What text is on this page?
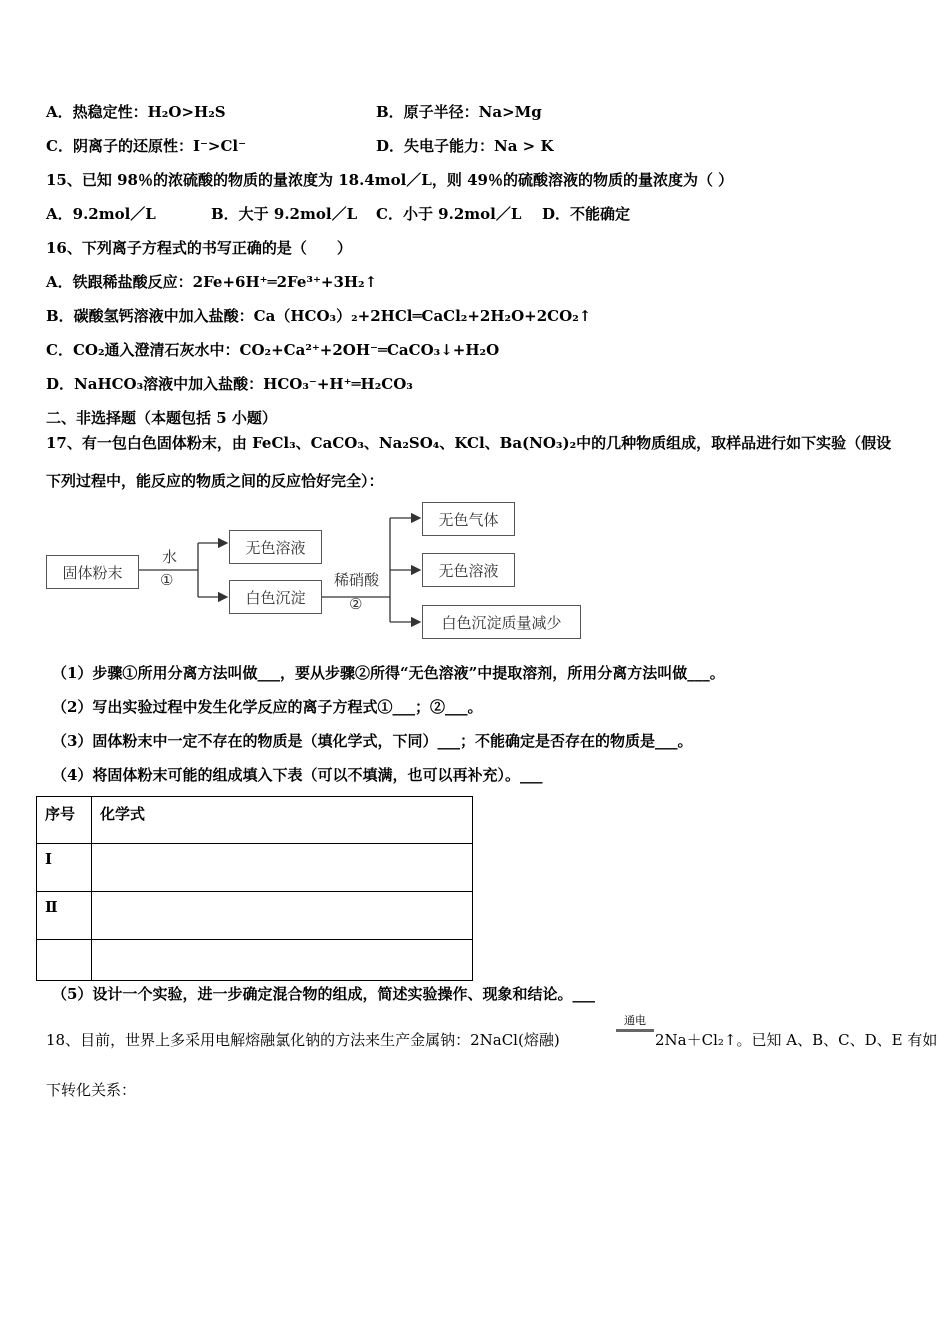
A．热稳定性：H₂O>H₂S	B．原子半径：Na>Mg
C．阴离子的还原性：I⁻>Cl⁻	D．失电子能力：Na > K
15、已知 98％的浓硫酸的物质的量浓度为 18.4mol／L，则 49％的硫酸溶液的物质的量浓度为（ ）
A．9.2mol／L	B．大于 9.2mol／L C．小于 9.2mol／L D．不能确定
16、下列离子方程式的书写正确的是（　　）
A．铁跟稀盐酸反应：2Fe+6H⁺═2Fe³⁺+3H₂↑
B．碳酸氢钙溶液中加入盐酸：Ca（HCO₃）₂+2HCl═CaCl₂+2H₂O+2CO₂↑
C．CO₂通入澄清石灰水中：CO₂+Ca²⁺+2OH⁻═CaCO₃↓+H₂O
D．NaHCO₃溶液中加入盐酸：HCO₃⁻+H⁺═H₂CO₃
二、非选择题（本题包括 5 小题）
17、有一包白色固体粉末，由 FeCl₃、CaCO₃、Na₂SO₄、KCl、Ba(NO₃)₂中的几种物质组成，取样品进行如下实验（假设
下列过程中，能反应的物质之间的反应恰好完全）：
固体粉末
水
①
无色溶液
白色沉淀
稀硝酸
②
无色气体
无色溶液
白色沉淀质量减少
（1）步骤①所用分离方法叫做___，要从步骤②所得“无色溶液”中提取溶剂，所用分离方法叫做___。
（2）写出实验过程中发生化学反应的离子方程式①___；②___。
（3）固体粉末中一定不存在的物质是（填化学式，下同）___；不能确定是否存在的物质是___。
（4）将固体粉末可能的组成填入下表（可以不填满，也可以再补充）。___
序号	化学式
Ⅰ	
Ⅱ	

（5）设计一个实验，进一步确定混合物的组成，简述实验操作、现象和结论。___
18、目前，世界上多采用电解熔融氯化钠的方法来生产金属钠：2NaCl(熔融)
通电
2Na＋Cl₂↑。已知 A、B、C、D、E 有如
下转化关系：
